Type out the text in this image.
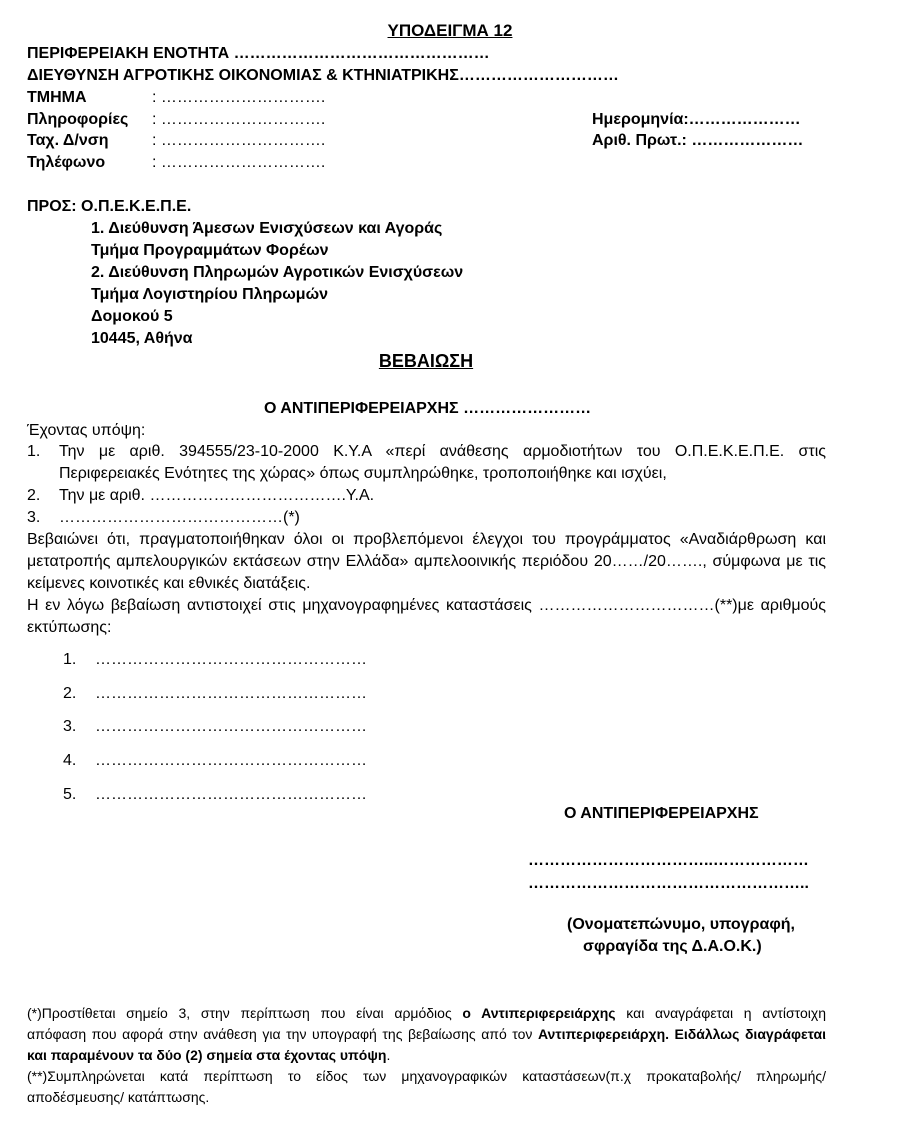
ΥΠΟΔΕΙΓΜΑ 12
ΠΕΡΙΦΕΡΕΙΑΚΗ ΕΝΟΤΗΤΑ …………………………………………
ΔΙΕΥΘΥΝΣΗ ΑΓΡΟΤΙΚΗΣ ΟΙΚΟΝΟΜΙΑΣ & ΚΤΗΝΙΑΤΡΙΚΗΣ…………………………
ΤΜΗΜΑ	: ………………………….
Πληροφορίες : ………………………….
Ταχ. Δ/νση	: ………………………….
Τηλέφωνο	: ………………………….
Ημερομηνία:…………………
Αριθ. Πρωτ.: …………………
ΠΡΟΣ: Ο.Π.Ε.Κ.Ε.Π.Ε.
1. Διεύθυνση Άμεσων Ενισχύσεων και Αγοράς
Τμήμα Προγραμμάτων Φορέων
2. Διεύθυνση Πληρωμών Αγροτικών Ενισχύσεων
Τμήμα Λογιστηρίου Πληρωμών
Δομοκού 5
10445, Αθήνα
ΒΕΒΑΙΩΣΗ
Ο ΑΝΤΙΠΕΡΙΦΕΡΕΙΑΡΧΗΣ ……………………
Έχοντας υπόψη:
1. Την με αριθ. 394555/23-10-2000 Κ.Υ.Α «περί ανάθεσης αρμοδιοτήτων του Ο.Π.Ε.Κ.Ε.Π.Ε. στις
Περιφερειακές Ενότητες της χώρας» όπως συμπληρώθηκε, τροποποιήθηκε και ισχύει,
2. Την με αριθ. ……………………………….Υ.Α.
3. ……………………………………(*)
Βεβαιώνει ότι, πραγματοποιήθηκαν όλοι οι προβλεπόμενοι έλεγχοι του προγράμματος «Αναδιάρθρωση και
μετατροπής αμπελουργικών εκτάσεων στην Ελλάδα» αμπελοοινικής περιόδου 20……/20……., σύμφωνα με τις
κείμενες κοινοτικές και εθνικές διατάξεις.
Η εν λόγω βεβαίωση αντιστοιχεί στις μηχανογραφημένες καταστάσεις ……………………………(**)με αριθμούς
εκτύπωσης:
1. ……………………………………………
2. ……………………………………………
3. ……………………………………………
4. ……………………………………………
5. ……………………………………………
Ο ΑΝΤΙΠΕΡΙΦΕΡΕΙΑΡΧΗΣ
……………………………..………………
……………………………………………..
(Ονοματεπώνυμο, υπογραφή,
σφραγίδα της Δ.Α.Ο.Κ.)
(*)Προστίθεται σημείο 3, στην περίπτωση που είναι αρμόδιος ο Αντιπεριφερειάρχης και αναγράφεται η αντίστοιχη
απόφαση που αφορά στην ανάθεση για την υπογραφή της βεβαίωσης από τον Αντιπεριφερειάρχη. Ειδάλλως διαγράφεται
και παραμένουν τα δύο (2) σημεία στα έχοντας υπόψη.
(**)Συμπληρώνεται κατά περίπτωση το είδος των μηχανογραφικών καταστάσεων(π.χ προκαταβολής/ πληρωμής/
αποδέσμευσης/ κατάπτωσης.
